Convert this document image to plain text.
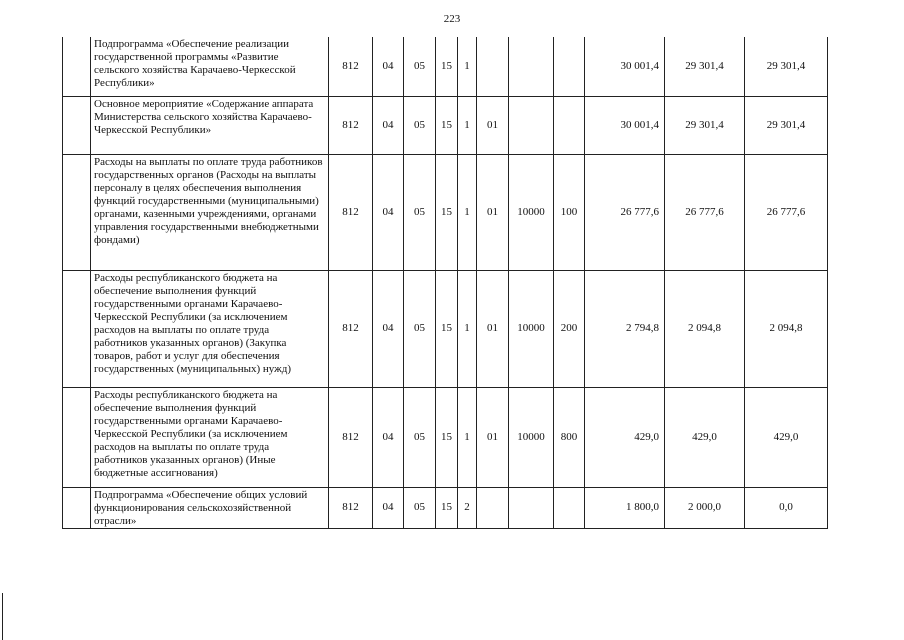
223
	Подпрограмма «Обеспечение реализации государственной программы «Развитие сельского хозяйства Карачаево-Черкесской Республики»	812	04	05	15	1				30 001,4	29 301,4	29 301,4
	Основное мероприятие «Содержание аппарата Министерства сельского хозяйства Карачаево-Черкесской Республики»	812	04	05	15	1	01			30 001,4	29 301,4	29 301,4
	Расходы на выплаты по оплате труда работников государственных органов (Расходы на выплаты персоналу в целях обеспечения выполнения функций государственными (муниципальными) органами, казенными учреждениями, органами управления государственными внебюджетными фондами)	812	04	05	15	1	01	10000	100	26 777,6	26 777,6	26 777,6
	Расходы республиканского бюджета на обеспечение выполнения функций государственными органами Карачаево-Черкесской Республики (за исключением расходов на выплаты по оплате труда работников указанных органов) (Закупка товаров, работ и услуг для обеспечения государственных (муниципальных) нужд)	812	04	05	15	1	01	10000	200	2 794,8	2 094,8	2 094,8
	Расходы республиканского бюджета на обеспечение выполнения функций государственными органами Карачаево-Черкесской Республики (за исключением расходов на выплаты по оплате труда работников указанных органов) (Иные бюджетные ассигнования)	812	04	05	15	1	01	10000	800	429,0	429,0	429,0
	Подпрограмма «Обеспечение общих условий функционирования сельскохозяйственной отрасли»	812	04	05	15	2				1 800,0	2 000,0	0,0
